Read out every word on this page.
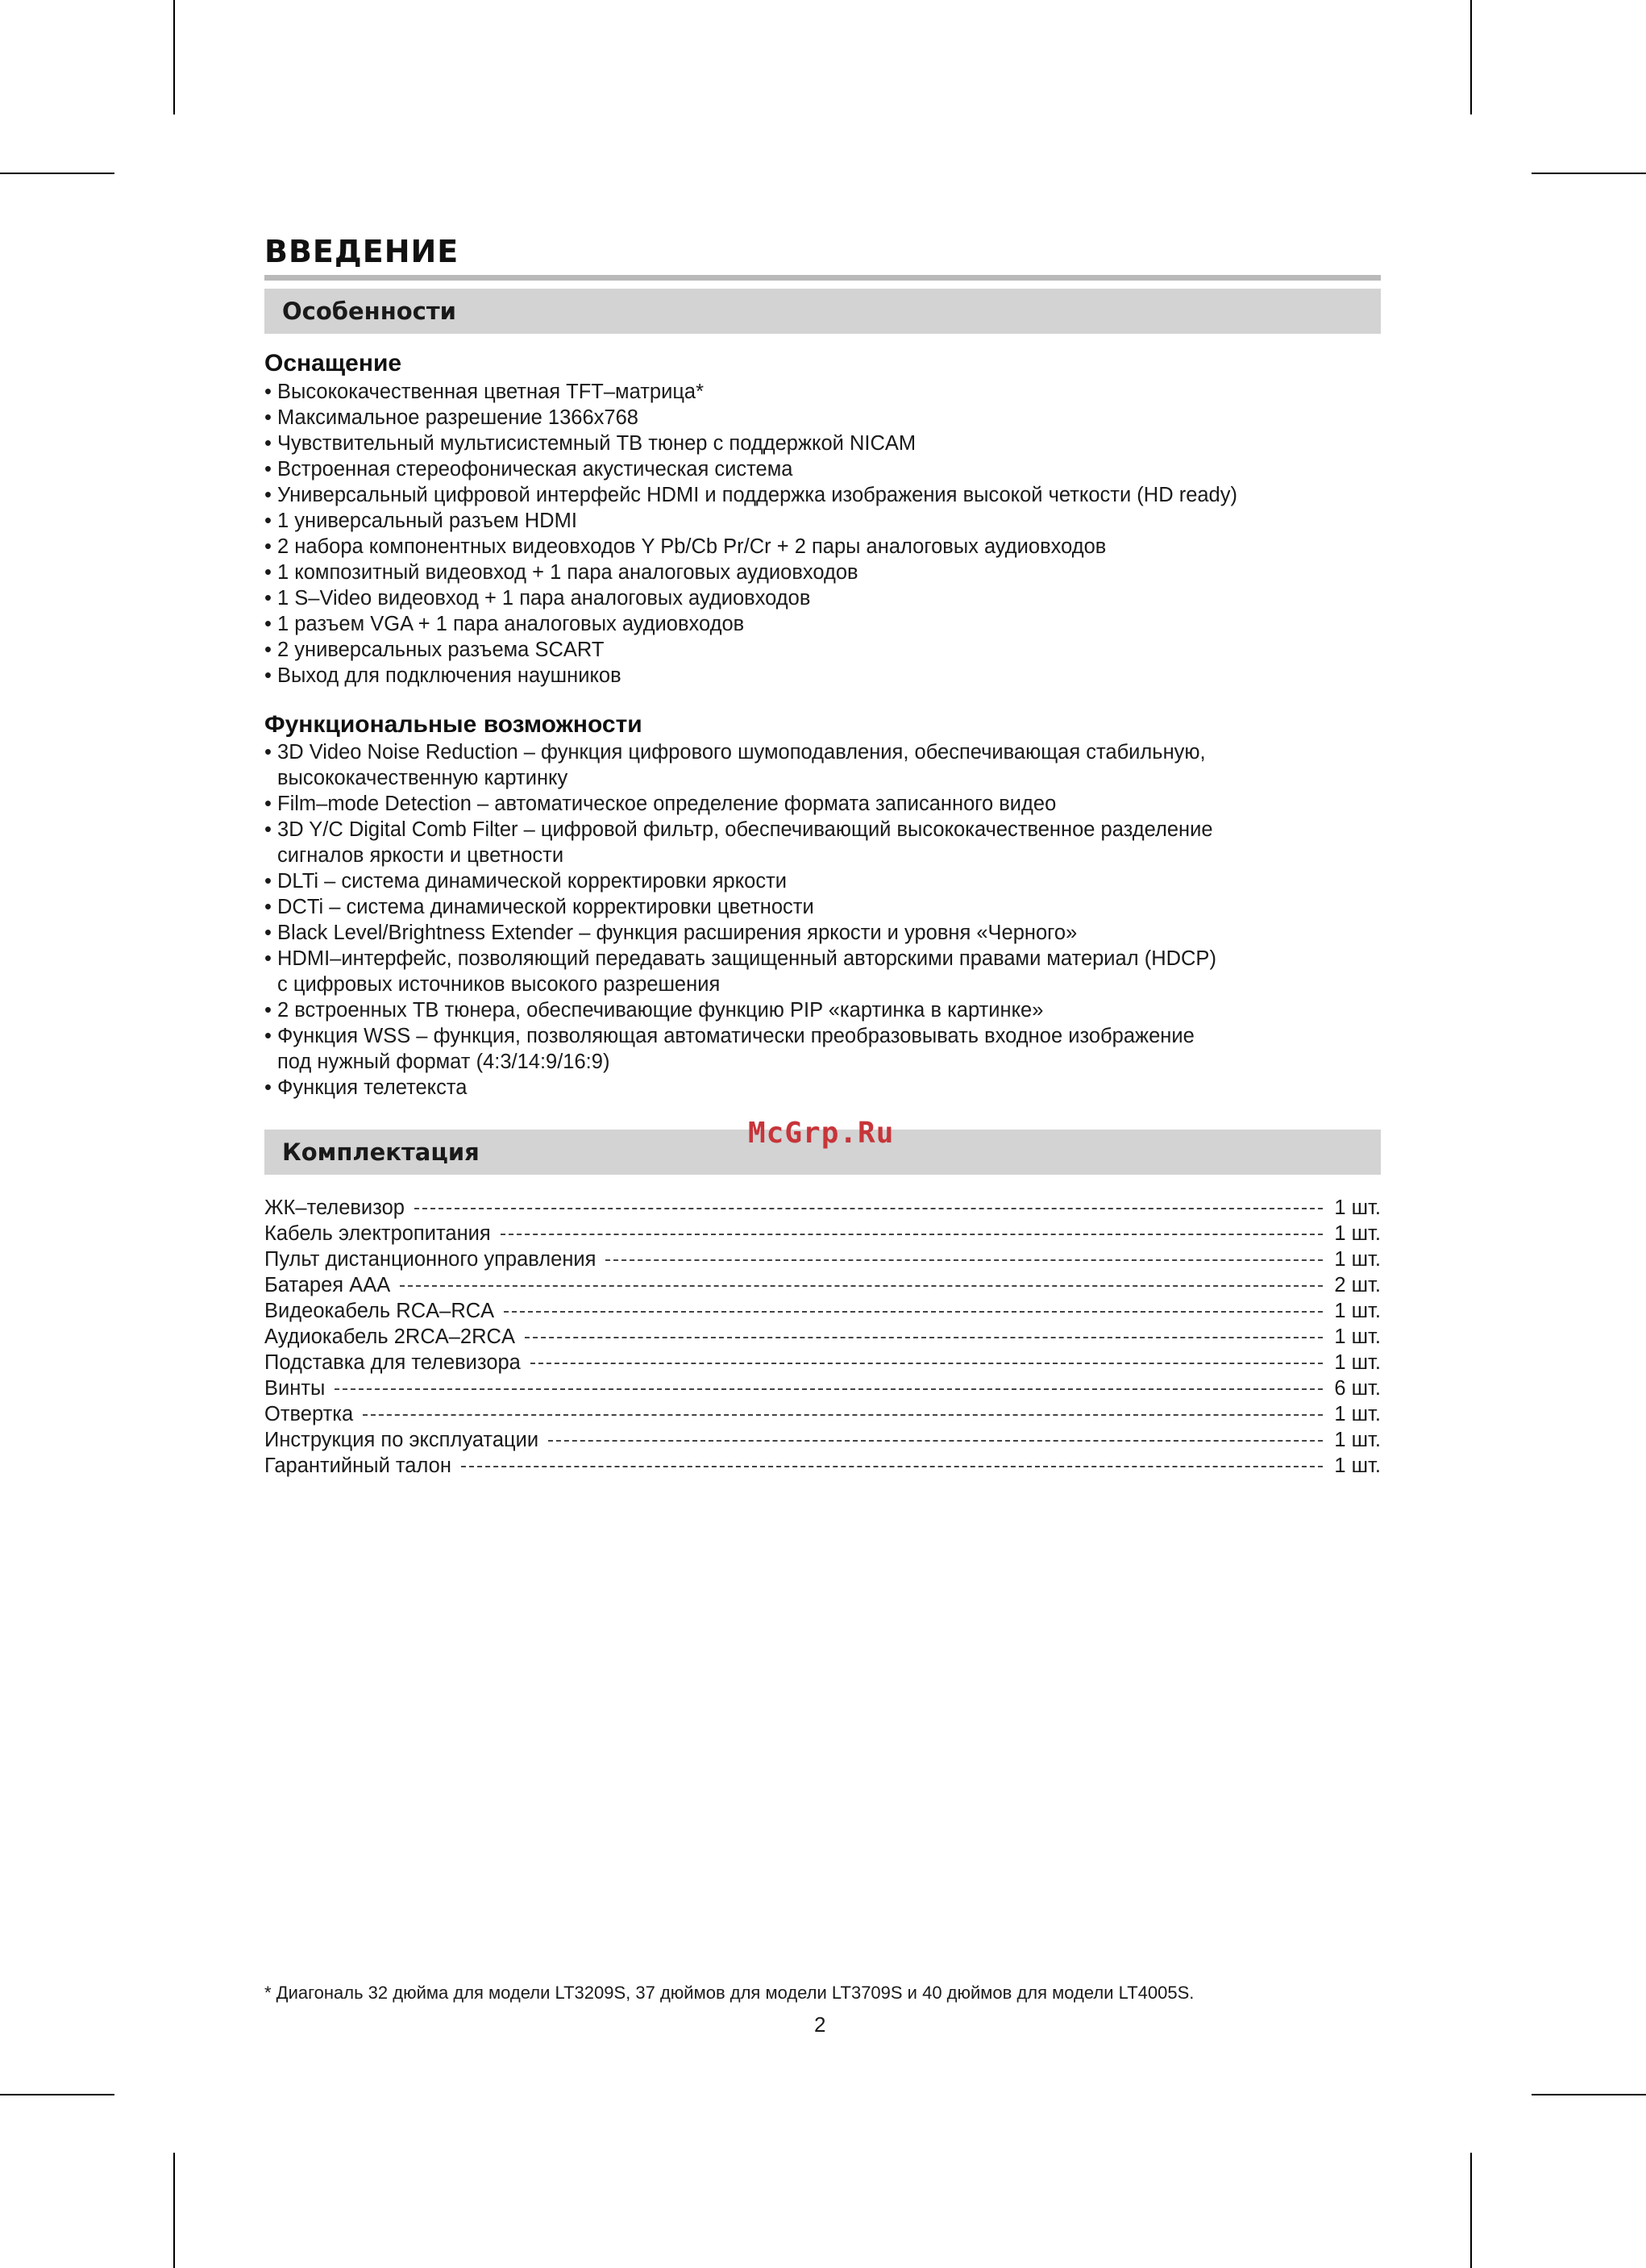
ВВЕДЕНИЕ
Особенности
Оснащение
• Высококачественная цветная TFT–матрица*
• Максимальное разрешение 1366x768
• Чувствительный мультисистемный ТВ тюнер с поддержкой NICAM
• Встроенная стереофоническая акустическая система
• Универсальный цифровой интерфейс HDMI и поддержка изображения высокой четкости (HD ready)
• 1 универсальный разъем HDMI
• 2 набора компонентных видеовходов Y Pb/Cb Pr/Cr + 2 пары аналоговых аудиовходов
• 1 композитный видеовход + 1 пара аналоговых аудиовходов
• 1 S–Video видеовход + 1 пара аналоговых аудиовходов
• 1 разъем VGA + 1 пара аналоговых аудиовходов
• 2 универсальных разъема SCART
• Выход для подключения наушников
Функциональные возможности
• 3D Video Noise Reduction – функция цифрового шумоподавления, обеспечивающая стабильную,
высококачественную картинку
• Film–mode Detection – автоматическое определение формата записанного видео
• 3D Y/C Digital Comb Filter – цифровой фильтр, обеспечивающий высококачественное разделение
сигналов яркости и цветности
• DLTi – система динамической корректировки яркости
• DCTi – система динамической корректировки цветности
• Black Level/Brightness Extender – функция расширения яркости и уровня «Черного»
• HDMI–интерфейс, позволяющий передавать защищенный авторскими правами материал (HDCP)
с цифровых источников высокого разрешения
• 2 встроенных ТВ тюнера, обеспечивающие функцию PIP «картинка в картинке»
• Функция WSS – функция, позволяющая автоматически преобразовывать входное изображение
под нужный формат (4:3/14:9/16:9)
• Функция телетекста
Комплектация
ЖК–телевизор	1 шт.
Кабель электропитания	1 шт.
Пульт дистанционного управления	1 шт.
Батарея ААА	2 шт.
Видеокабель RCA–RCA	1 шт.
Аудиокабель 2RCA–2RCA	1 шт.
Подставка для телевизора	1 шт.
Винты	6 шт.
Отвертка	1 шт.
Инструкция по эксплуатации	1 шт.
Гарантийный талон	1 шт.
McGrp.Ru
* Диагональ 32 дюйма для модели LT3209S, 37 дюймов для модели LT3709S и 40 дюймов для модели LT4005S.
2
